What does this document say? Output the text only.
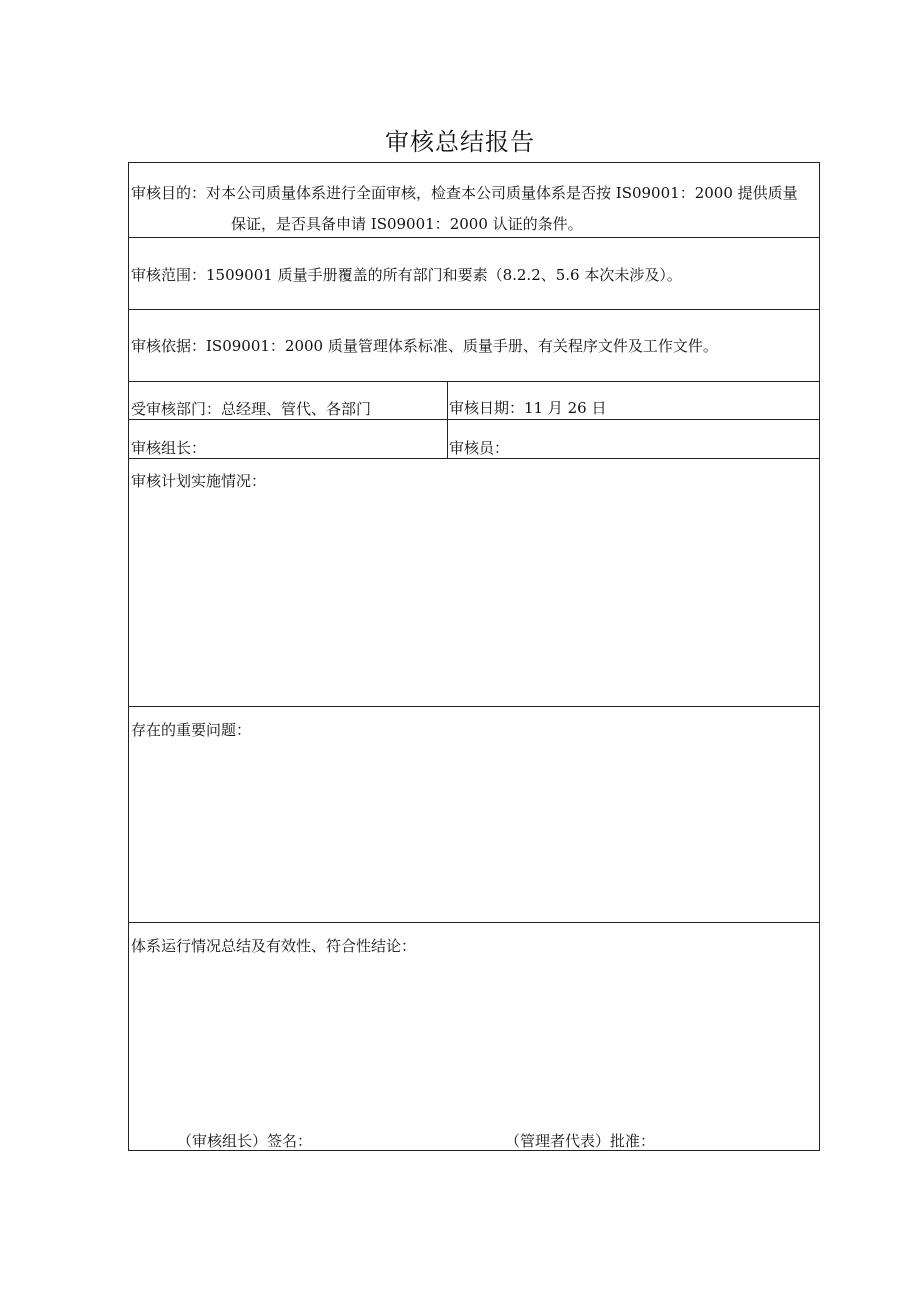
审核总结报告
审核目的：对本公司质量体系进行全面审核，检查本公司质量体系是否按 IS09001：2000 提供质量
保证，是否具备申请 IS09001：2000 认证的条件。
审核范围：1509001 质量手册覆盖的所有部门和要素（8.2.2、5.6 本次未涉及）。
审核依据：IS09001：2000 质量管理体系标准、质量手册、有关程序文件及工作文件。
受审核部门：总经理、管代、各部门	审核日期：11 月 26 日
审核组长：	审核员：
审核计划实施情况：
存在的重要问题：
体系运行情况总结及有效性、符合性结论：
（审核组长）签名：	（管理者代表）批准：
